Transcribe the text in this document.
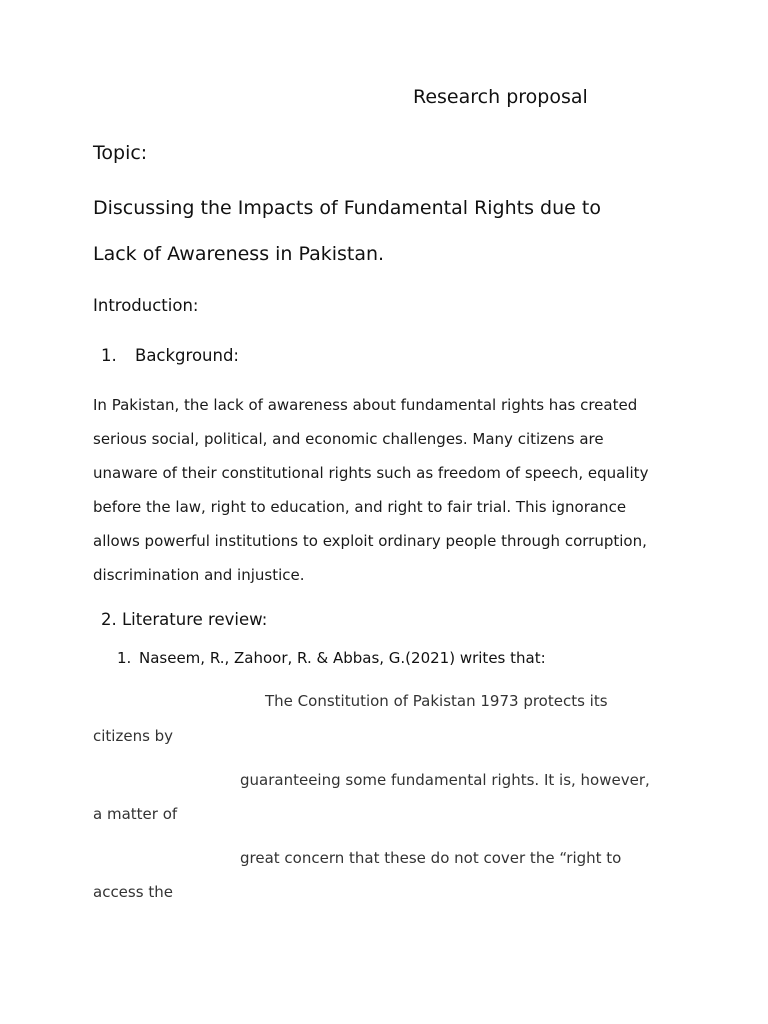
Research proposal

Topic:

Discussing the Impacts of Fundamental Rights due to

Lack of Awareness in Pakistan.

Introduction:

1. Background:

In Pakistan, the lack of awareness about fundamental rights has created

serious social, political, and economic challenges. Many citizens are

unaware of their constitutional rights such as freedom of speech, equality

before the law, right to education, and right to fair trial. This ignorance

allows powerful institutions to exploit ordinary people through corruption,

discrimination and injustice.

2. Literature review:

1. Naseem, R., Zahoor, R. & Abbas, G.(2021) writes that:

The Constitution of Pakistan 1973 protects its

citizens by

guaranteeing some fundamental rights. It is, however,

a matter of

great concern that these do not cover the “right to

access the
